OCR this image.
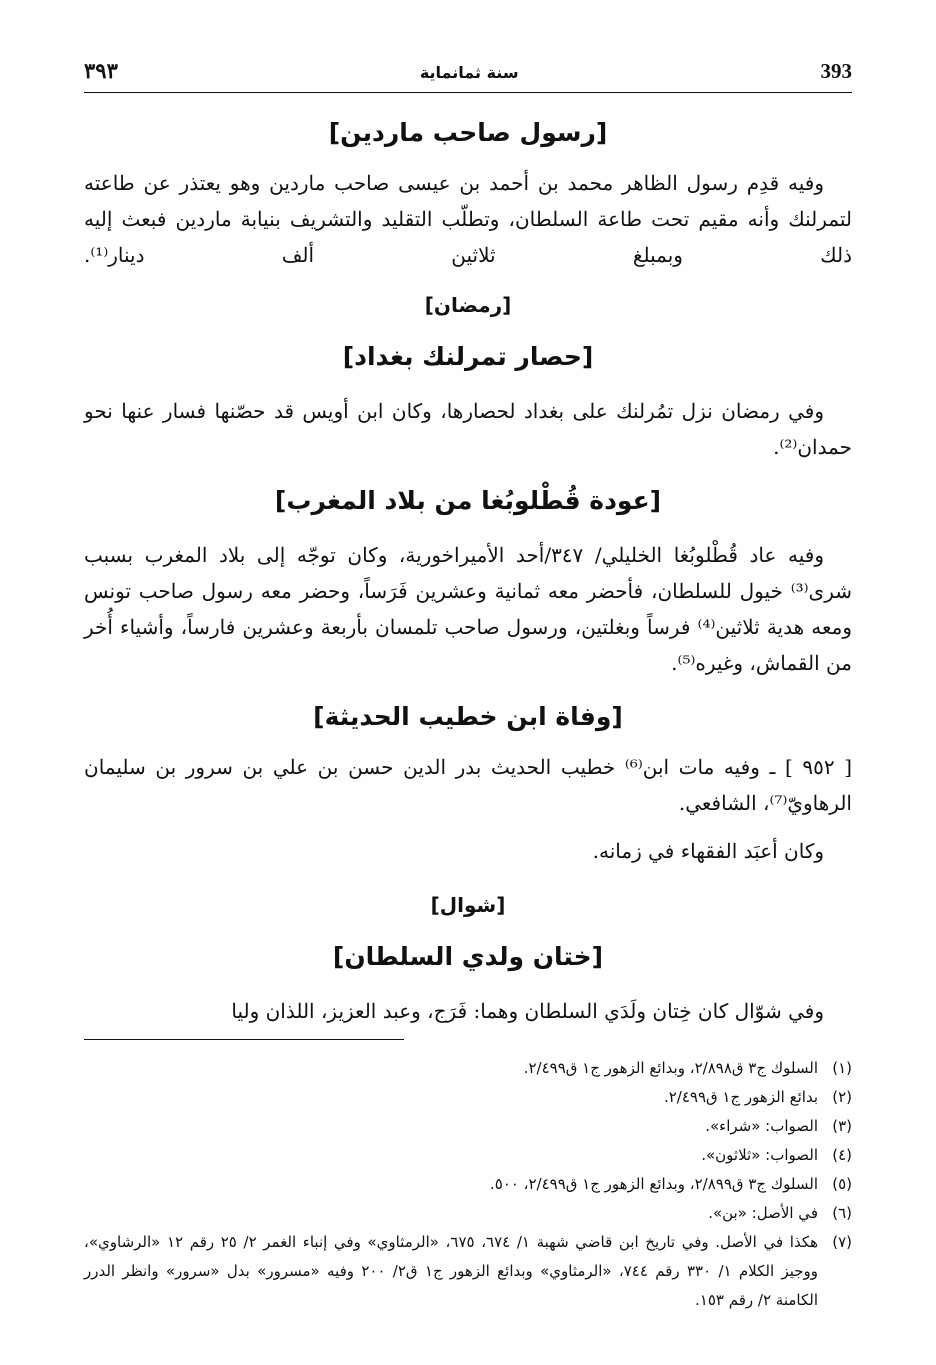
393
سنة ثمانماية
٣٩٣
[رسول صاحب ماردين]

وفيه قدِم رسول الظاهر محمد بن أحمد بن عيسى صاحب ماردين وهو يعتذر عن طاعته لتمرلنك وأنه مقيم تحت طاعة السلطان، وتطلّب التقليد والتشريف بنيابة ماردين فبعث إليه ذلك وبمبلغ ثلاثين ألف دينار⁽¹⁾.

[رمضان]
[حصار تمرلنك بغداد]

وفي رمضان نزل تمُرلنك على بغداد لحصارها، وكان ابن أويس قد حصّنها فسار عنها نحو حمدان⁽²⁾.

[عودة قُطْلوبُغا من بلاد المغرب]

وفيه عاد قُطْلوبُغا الخليلي/ ٣٤٧/أحد الأميراخورية، وكان توجّه إلى بلاد المغرب بسبب شرى⁽³⁾ خيول للسلطان، فأحضر معه ثمانية وعشرين فَرَساً، وحضر معه رسول صاحب تونس ومعه هدية ثلاثين⁽⁴⁾ فرساً وبغلتين، ورسول صاحب تلمسان بأربعة وعشرين فارساً، وأشياء أُخر من القماش، وغيره⁽⁵⁾.

[وفاة ابن خطيب الحديثة]

[ ٩٥٢ ] ـ وفيه مات ابن⁽⁶⁾ خطيب الحديث بدر الدين حسن بن علي بن سرور بن سليمان الرهاويّ⁽⁷⁾، الشافعي.

وكان أعبَد الفقهاء في زمانه.

[شوال]
[ختان ولدي السلطان]

وفي شوّال كان خِتان ولَدَي السلطان وهما: فَرَج، وعبد العزيز، اللذان وليا

(١)
السلوك ج٣ ق٢/٨٩٨، وبدائع الزهور ج١ ق٢/٤٩٩.
(٢)
بدائع الزهور ج١ ق٢/٤٩٩.
(٣)
الصواب: «شراء».
(٤)
الصواب: «ثلاثون».
(٥)
السلوك ج٣ ق٢/٨٩٩، وبدائع الزهور ج١ ق٢/٤٩٩، ٥٠٠.
(٦)
في الأصل: «بن».
(٧)
هكذا في الأصل. وفي تاريخ ابن قاضي شهبة ١/ ٦٧٤، ٦٧٥، «الرمثاوي» وفي إنباء الغمر ٢/ ٢٥ رقم ١٢ «الرشاوي»، ووجيز الكلام ١/ ٣٣٠ رقم ٧٤٤، «الرمثاوي» وبدائع الزهور ج١ ق٢/ ٢٠٠ وفيه «مسرور» بدل «سرور» وانظر الدرر الكامنة ٢/ رقم ١٥٣.
